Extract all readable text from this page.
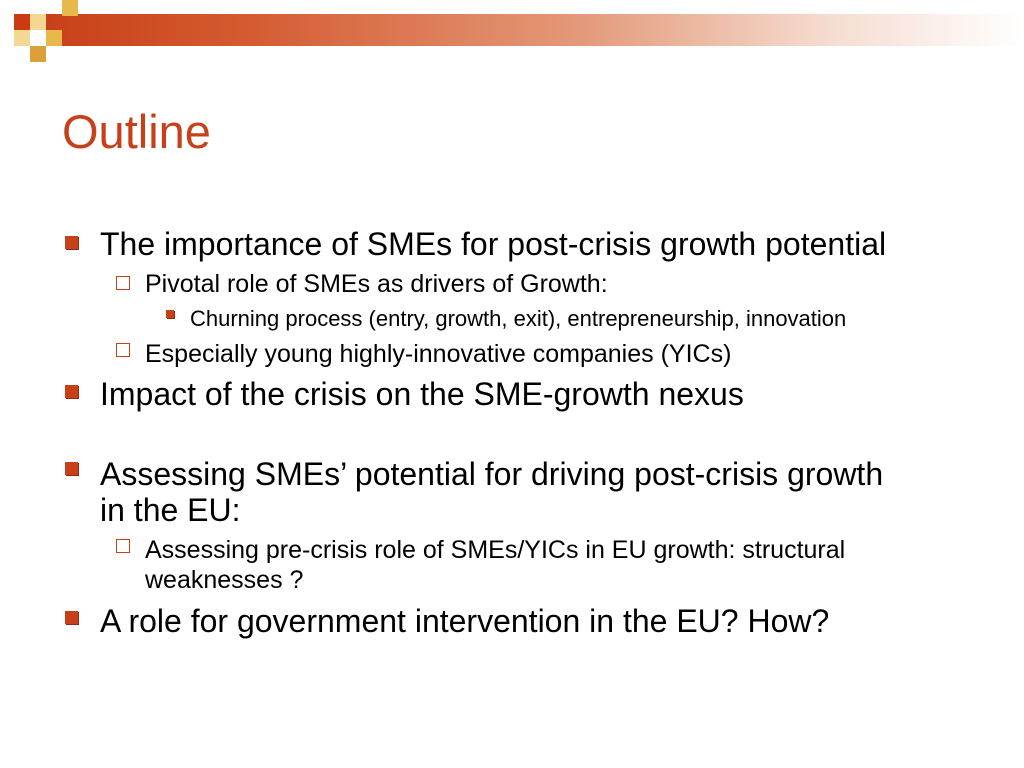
Outline
The importance of SMEs for post-crisis growth potential
Pivotal role of SMEs as drivers of Growth:
Churning process (entry, growth, exit), entrepreneurship, innovation
Especially young highly-innovative companies (YICs)
Impact of the crisis on the SME-growth nexus
Assessing SMEs’ potential for driving post-crisis growth
in the EU:
Assessing pre-crisis role of SMEs/YICs in EU growth: structural
weaknesses ?
A role for government intervention in the EU? How?
